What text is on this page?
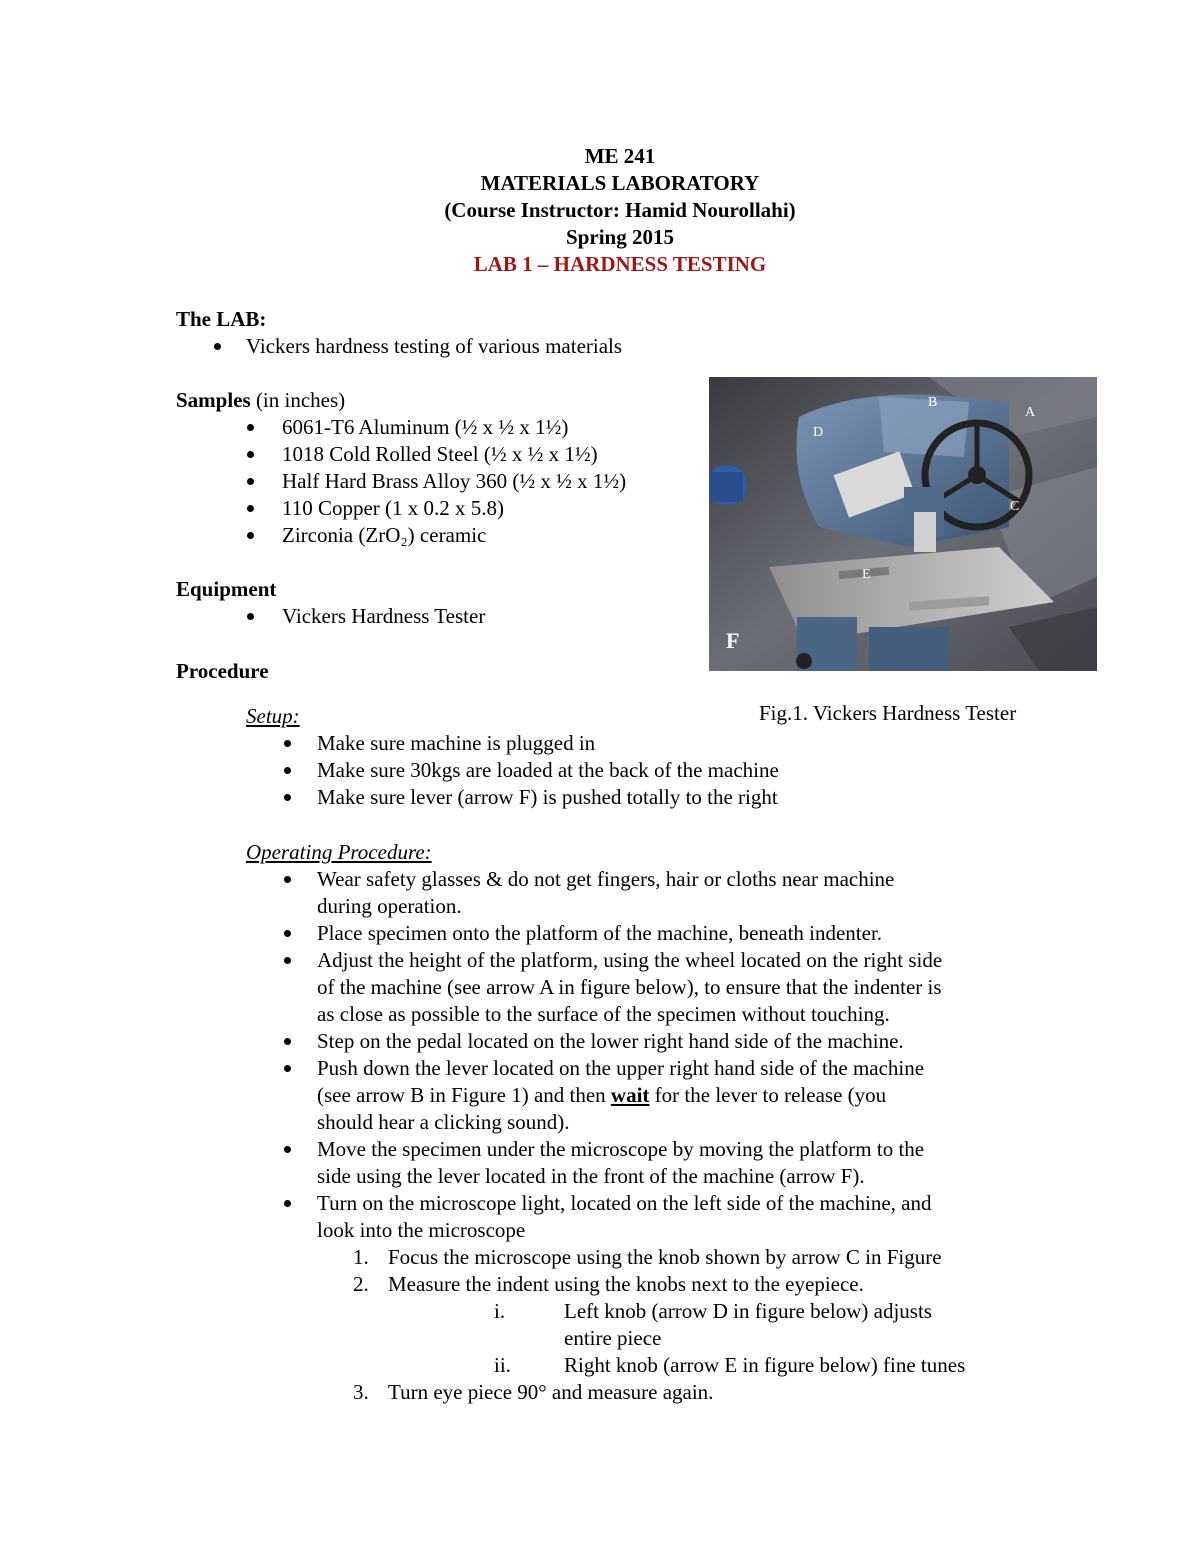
ME 241
MATERIALS LABORATORY
(Course Instructor: Hamid Nourollahi)
Spring 2015
LAB 1 – HARDNESS TESTING
The LAB:
Vickers hardness testing of various materials
Samples (in inches)
6061-T6 Aluminum (½ x ½ x 1½)
1018 Cold Rolled Steel (½ x ½ x 1½)
Half Hard Brass Alloy 360 (½ x ½ x 1½)
110 Copper (1 x 0.2 x 5.8)
Zirconia (ZrO₂) ceramic
Equipment
Vickers Hardness Tester
Procedure
A
B
C
D
E
F
Fig.1. Vickers Hardness Tester
Setup:
Make sure machine is plugged in
Make sure 30kgs are loaded at the back of the machine
Make sure lever (arrow F) is pushed totally to the right
Operating Procedure:
Wear safety glasses & do not get fingers, hair or cloths near machine
during operation.
Place specimen onto the platform of the machine, beneath indenter.
Adjust the height of the platform, using the wheel located on the right side
of the machine (see arrow A in figure below), to ensure that the indenter is
as close as possible to the surface of the specimen without touching.
Step on the pedal located on the lower right hand side of the machine.
Push down the lever located on the upper right hand side of the machine
(see arrow B in Figure 1) and then wait for the lever to release (you
should hear a clicking sound).
Move the specimen under the microscope by moving the platform to the
side using the lever located in the front of the machine (arrow F).
Turn on the microscope light, located on the left side of the machine, and
look into the microscope
1. Focus the microscope using the knob shown by arrow C in Figure
2. Measure the indent using the knobs next to the eyepiece.
i.	Left knob (arrow D in figure below) adjusts
entire piece
ii.	Right knob (arrow E in figure below) fine tunes
3. Turn eye piece 90° and measure again.
